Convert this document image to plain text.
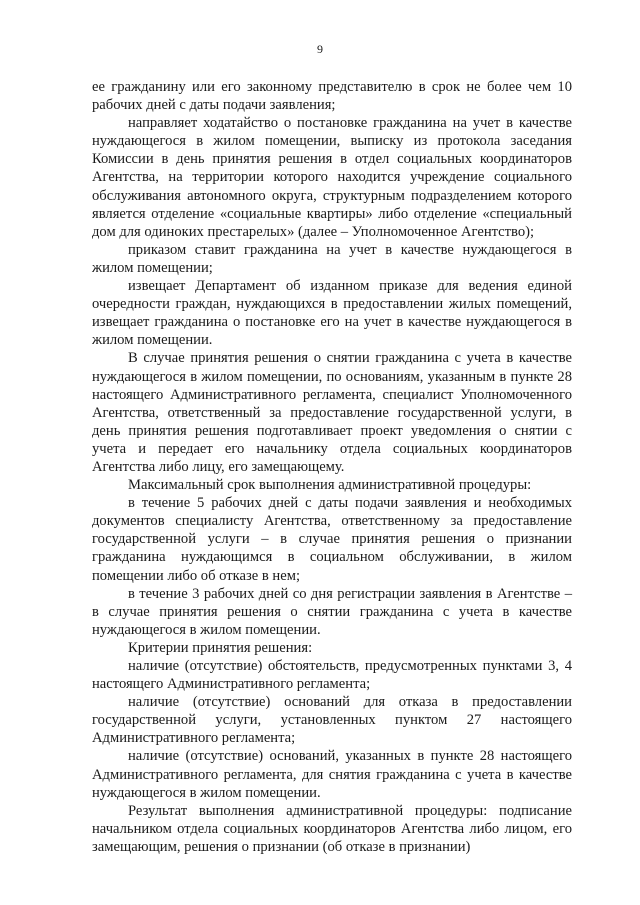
9

ее гражданину или его законному представителю в срок не более чем 10 рабочих дней с даты подачи заявления;

направляет ходатайство о постановке гражданина на учет в качестве нуждающегося в жилом помещении, выписку из протокола заседания Комиссии в день принятия решения в отдел социальных координаторов Агентства, на территории которого находится учреждение социального обслуживания автономного округа, структурным подразделением которого является отделение «социальные квартиры» либо отделение «специальный дом для одиноких престарелых» (далее – Уполномоченное Агентство);

приказом ставит гражданина на учет в качестве нуждающегося в жилом помещении;

извещает Департамент об изданном приказе для ведения единой очередности граждан, нуждающихся в предоставлении жилых помещений, извещает гражданина о постановке его на учет в качестве нуждающегося в жилом помещении.

В случае принятия решения о снятии гражданина с учета в качестве нуждающегося в жилом помещении, по основаниям, указанным в пункте 28 настоящего Административного регламента, специалист Уполномоченного Агентства, ответственный за предоставление государственной услуги, в день принятия решения подготавливает проект уведомления о снятии с учета и передает его начальнику отдела социальных координаторов Агентства либо лицу, его замещающему.

Максимальный срок выполнения административной процедуры:

в течение 5 рабочих дней с даты подачи заявления и необходимых документов специалисту Агентства, ответственному за предоставление государственной услуги – в случае принятия решения о признании гражданина нуждающимся в социальном обслуживании, в жилом помещении либо об отказе в нем;

в течение 3 рабочих дней со дня регистрации заявления в Агентстве – в случае принятия решения о снятии гражданина с учета в качестве нуждающегося в жилом помещении.

Критерии принятия решения:

наличие (отсутствие) обстоятельств, предусмотренных пунктами 3, 4 настоящего Административного регламента;

наличие (отсутствие) оснований для отказа в предоставлении государственной услуги, установленных пунктом 27 настоящего Административного регламента;

наличие (отсутствие) оснований, указанных в пункте 28 настоящего Административного регламента, для снятия гражданина с учета в качестве нуждающегося в жилом помещении.

Результат выполнения административной процедуры: подписание начальником отдела социальных координаторов Агентства либо лицом, его замещающим, решения о признании (об отказе в признании)
